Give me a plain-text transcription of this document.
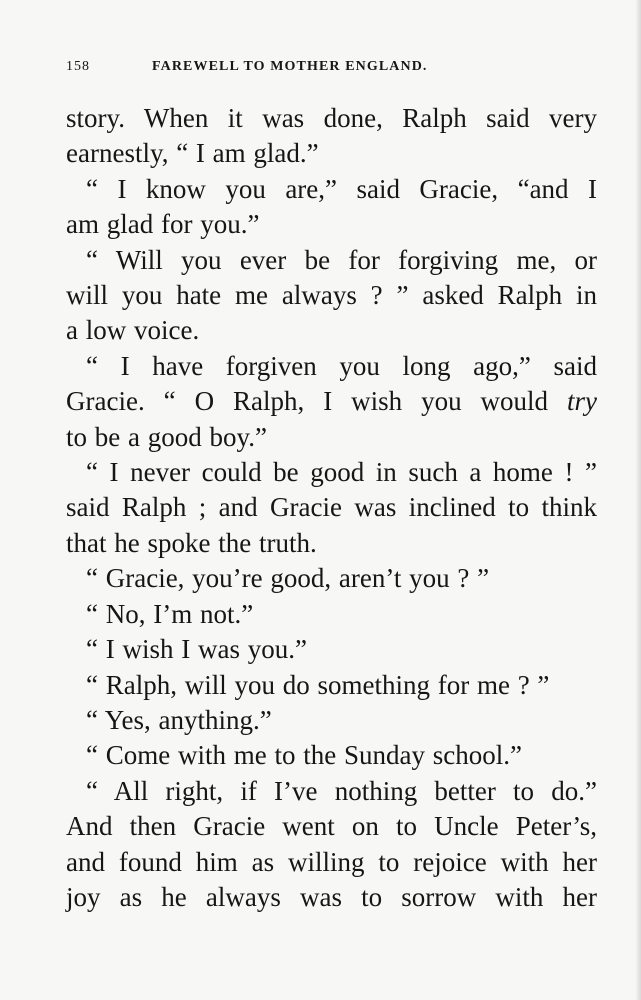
158	FAREWELL TO MOTHER ENGLAND.
story. When it was done, Ralph said very
earnestly, “ I am glad.”
“ I know you are,” said Gracie, “and I
am glad for you.”
“ Will you ever be for forgiving me, or
will you hate me always ? ” asked Ralph in
a low voice.
“ I have forgiven you long ago,” said
Gracie. “ O Ralph, I wish you would try
to be a good boy.”
“ I never could be good in such a home ! ”
said Ralph ; and Gracie was inclined to think
that he spoke the truth.
“ Gracie, you’re good, aren’t you ? ”
“ No, I’m not.”
“ I wish I was you.”
“ Ralph, will you do something for me ? ”
“ Yes, anything.”
“ Come with me to the Sunday school.”
“ All right, if I’ve nothing better to do.”
And then Gracie went on to Uncle Peter’s,
and found him as willing to rejoice with her
joy as he always was to sorrow with her
